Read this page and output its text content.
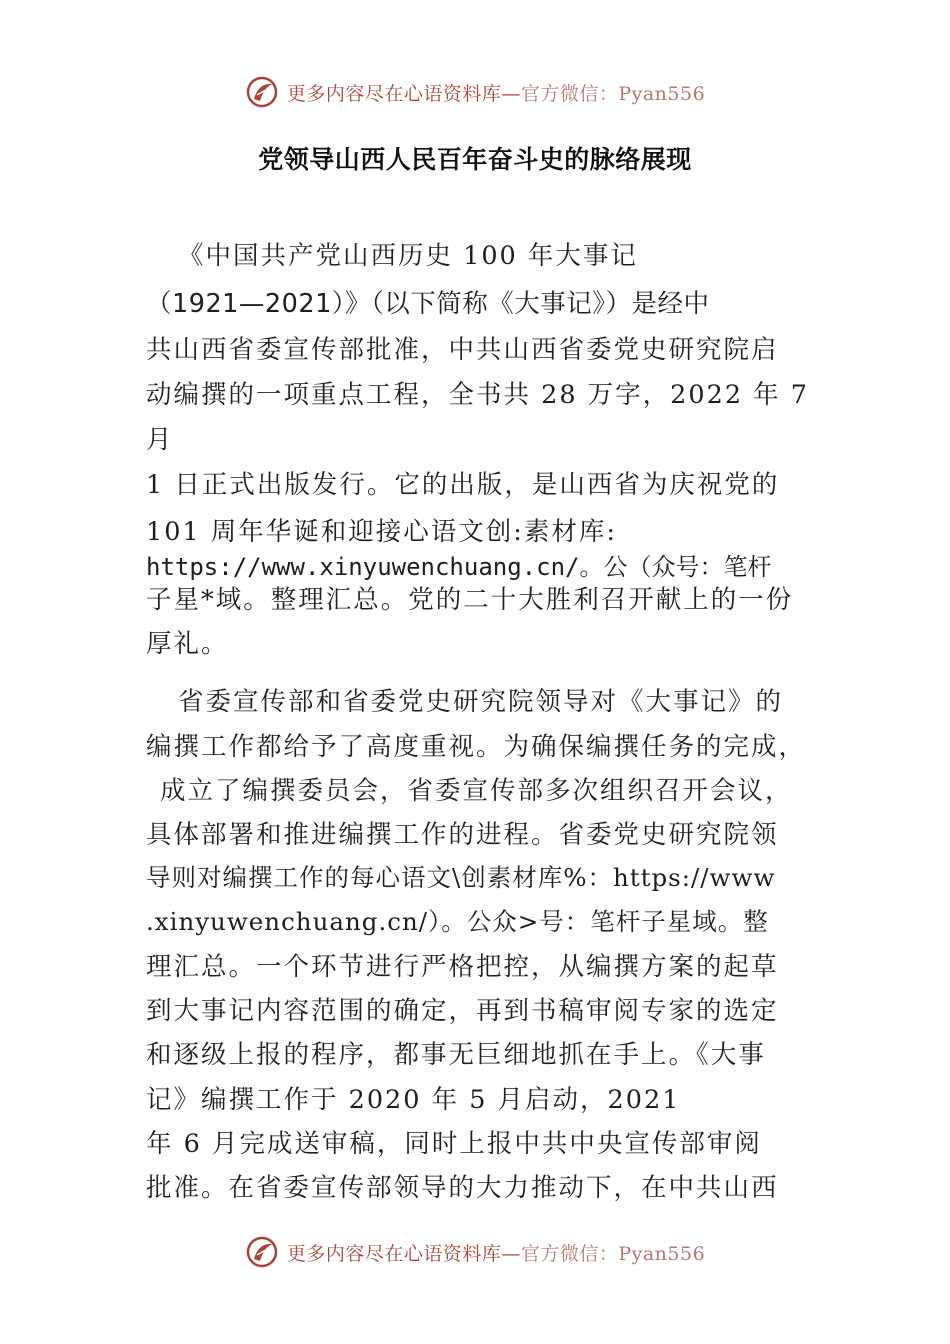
更多内容尽在心语资料库—官方微信：Pyan556
党领导山西人民百年奋斗史的脉络展现
《中国共产党山西历史 100 年大事记
（1921—2021）》（以下简称《大事记》）是经中
共山西省委宣传部批准，中共山西省委党史研究院启
动编撰的一项重点工程，全书共 28 万字，2022 年 7
月
1 日正式出版发行。它的出版，是山西省为庆祝党的
101 周年华诞和迎接心语文创:素材库:
https://www.xinyuwenchuang.cn/。公（众号：笔杆
子星*域。整理汇总。党的二十大胜利召开献上的一份
厚礼。
省委宣传部和省委党史研究院领导对《大事记》的
编撰工作都给予了高度重视。为确保编撰任务的完成，
成立了编撰委员会，省委宣传部多次组织召开会议，
具体部署和推进编撰工作的进程。省委党史研究院领
导则对编撰工作的每心语文\创素材库%：https://www
.xinyuwenchuang.cn/）。公众>号：笔杆子星域。整
理汇总。一个环节进行严格把控，从编撰方案的起草
到大事记内容范围的确定，再到书稿审阅专家的选定
和逐级上报的程序，都事无巨细地抓在手上。《大事
记》编撰工作于 2020 年 5 月启动，2021
年 6 月完成送审稿，同时上报中共中央宣传部审阅
批准。在省委宣传部领导的大力推动下，在中共山西
更多内容尽在心语资料库—官方微信：Pyan556
